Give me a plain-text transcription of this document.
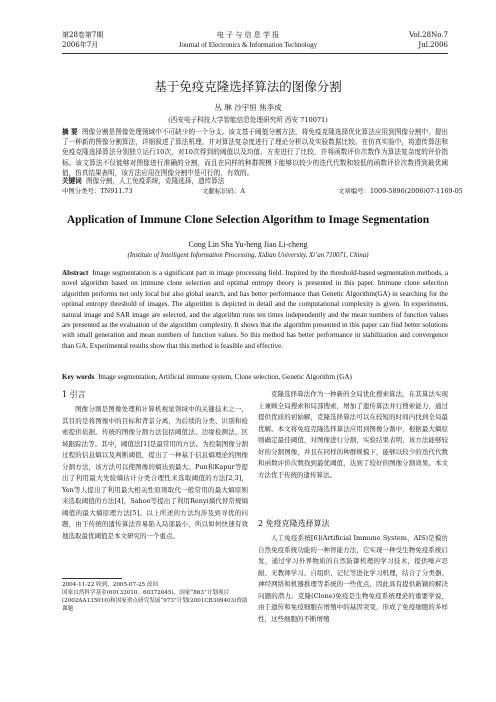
第28卷第7期
2006年7月
电 子 与 信 息 学 报
Journal of Electronics & Information Technology
Vol.28No.7
Jul.2006
基于免疫克隆选择算法的图像分割
丛 琳 沙宇恒 焦李成
(西安电子科技大学智能信息处理研究所 西安 710071)
摘 要 图像分割是图像处理领域中不可缺少的一个分支。该文基于阈值分割方法，将免疫克隆选择优化算法应用到图像分割中，提出了一种新的图像分割算法，详细叙述了算法机理，并对算法复杂度进行了理论分析以及实验数据比较。在仿真实验中，将遗传算法和免疫克隆选择算法分别独立运行10次，对10次得到的阈值以及均值、方差进行了比较，并将函数评价次数作为算法复杂度的评价指标。该文算法不仅能够对图像进行准确的分割，而且在同样的种群规模下能够以较少的迭代代数和较低的函数评价次数得到最优阈值，仿真结果表明，该方法应用在图像分割中是可行的，有效的。
关键词 图像分割，人工免疫系统，克隆选择，遗传算法
中图分类号：TN911.73	文献标识码：A	文章编号：1009-5896(2006)07-1169-05
Application of Immune Clone Selection Algorithm to Image Segmentation
Cong Lin Sha Yu-heng Jiao Li-cheng
(Institute of Intelligent Information Processing, Xidian University, Xi’an 710071, China)
Abstract Image segmentation is a significant part in image processing field. Inspired by the threshold-based segmentation methods, a novel algorithm based on immune clone selection and optimal entropy theory is presented in this paper. Immune clone selection algorithm performs not only local but also global search, and has better performance than Genetic Algorithm(GA) in searching for the optimal entropy threshold of images. The algorithm is depicted in detail and the computational complexity is given. In experiments, natural image and SAR image are selected, and the algorithm runs ten times independently and the mean numbers of function values are presented as the evaluation of the algorithm complexity. It shows that the algorithm presented in this paper can find better solutions with small generation and mean numbers of function values. So this method has better performance in stabilization and convergence than GA. Experimental results show that this method is feasible and effective.
Key words Image segmentation, Artificial immune system, Clone selection, Genetic Algorithm (GA)
1 引言
图像分割是图像处理和计算机视觉领域中的关键技术之一，其目的是将图像中的目标和背景分离，为后续的分类、识别和检索提供依据。传统的图像分割方法包括阈值法、边缘检测法、区域跟踪法等。其中，阈值法[1]是最常用的方法。为控制图像分割过程的信息熵以及判断阈值，提出了一种基于信息熵理论的图像分割方法，该方法可以使图像的熵达到最大。Pun和Kapur等提出了利用最大先验熵估计分类合理性来选取阈值的方法[2,3]，Yen等人提出了利用最大相关性原则取代一般常用的最大熵原则来选取阈值的方法[4]，Sahoo等提出了利用Renyi熵代替常规熵阈值的最大熵原理方法[5]。以上所述的方法均涉及到寻优的问题，由于传统的遗传算法容易陷入局部最小，所以如何快速有效地选取最优阈值是本文研究的一个重点。
2004-11-22 收到，2005-07-25 改回
国家自然科学基金(60133010，60372045)，国家“863”计划项目(2002AA135010)和国家重点研究发展“973”计划(2001CB309403)资助课题
克隆选择算法作为一种新的全局优化搜索算法，在其算法实现上兼顾全局搜索和局部搜索，增加了遗传算法并行搜索能力，通过提供优质的初始解，克隆选择算法可以在较短的时间内找到全局最优解。本文将免疫克隆选择算法应用到图像分割中，根据最大熵原则确定最佳阈值，对图像进行分割，实验结果表明，该方法能够较好的分割图像，并且在同样的种群规模下，能够以较少的迭代代数和函数评价次数找到最优阈值，达到了较好的图像分割效果。本文方法优于传统的遗传算法。
2 免疫克隆选择算法
人工免疫系统[6](Artificial Immune System，AIS)是模仿自然免疫系统功能的一种智能方法，它实现一种受生物免疫系统启发，通过学习外界物质的自然防御机理的学习技术，提供噪声忍耐、无教师学习、自组织、记忆等进化学习机理，结合了分类器、神经网络和机器推理等系统的一些优点，因此具有提供新颖的解决问题的潜力。克隆(Clone)免疫是生物免疫系统理论的重要学说，由于遗传和免疫细胞在增殖中的基因突变，形成了免疫细胞的多样性，这些细胞的不断增殖
